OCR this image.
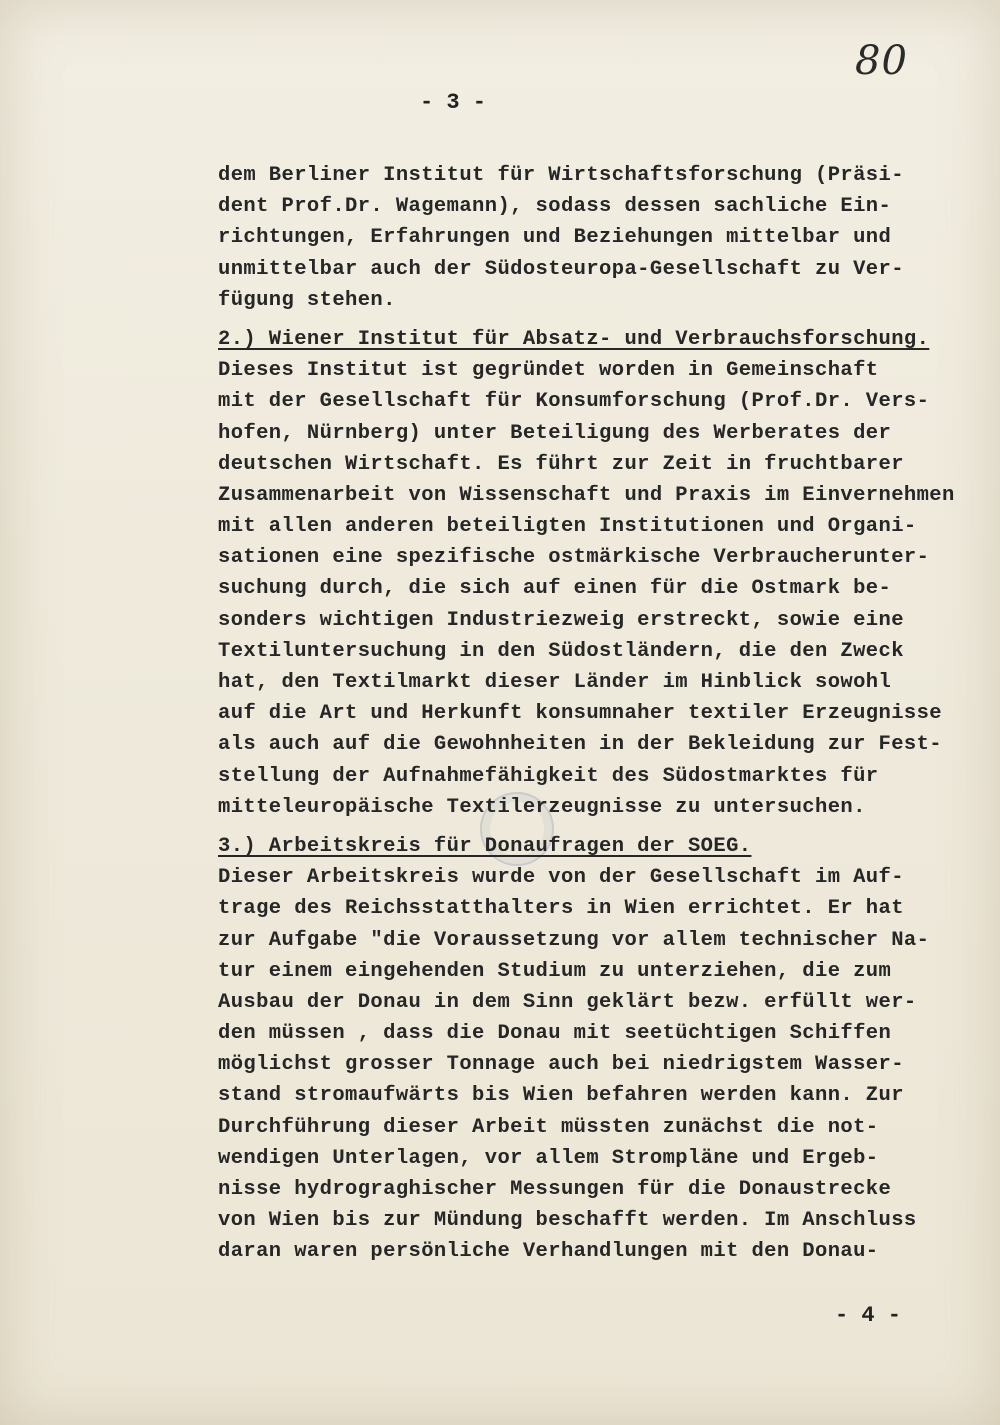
80
- 3 -
dem Berliner Institut für Wirtschaftsforschung (Präsi-
dent Prof.Dr. Wagemann), sodass dessen sachliche Ein-
richtungen, Erfahrungen und Beziehungen mittelbar und
unmittelbar auch der Südosteuropa-Gesellschaft zu Ver-
fügung stehen.
2.) Wiener Institut für Absatz- und Verbrauchsforschung.
Dieses Institut ist gegründet worden in Gemeinschaft
mit der Gesellschaft für Konsumforschung (Prof.Dr. Vers-
hofen, Nürnberg) unter Beteiligung des Werberates der
deutschen Wirtschaft. Es führt zur Zeit in fruchtbarer
Zusammenarbeit von Wissenschaft und Praxis im Einvernehmen
mit allen anderen beteiligten Institutionen und Organi-
sationen eine spezifische ostmärkische Verbraucherunter-
suchung durch, die sich auf einen für die Ostmark be-
sonders wichtigen Industriezweig erstreckt, sowie eine
Textiluntersuchung in den Südostländern, die den Zweck
hat, den Textilmarkt dieser Länder im Hinblick sowohl
auf die Art und Herkunft konsumnaher textiler Erzeugnisse
als auch auf die Gewohnheiten in der Bekleidung zur Fest-
stellung der Aufnahmefähigkeit des Südostmarktes für
mitteleuropäische Textilerzeugnisse zu untersuchen.
3.) Arbeitskreis für Donaufragen der SOEG.
Dieser Arbeitskreis wurde von der Gesellschaft im Auf-
trage des Reichsstatthalters in Wien errichtet. Er hat
zur Aufgabe "die Voraussetzung vor allem technischer Na-
tur einem eingehenden Studium zu unterziehen, die zum
Ausbau der Donau in dem Sinn geklärt bezw. erfüllt wer-
den müssen , dass die Donau mit seetüchtigen Schiffen
möglichst grosser Tonnage auch bei niedrigstem Wasser-
stand stromaufwärts bis Wien befahren werden kann. Zur
Durchführung dieser Arbeit müssten zunächst die not-
wendigen Unterlagen, vor allem Strompläne und Ergeb-
nisse hydrograghischer Messungen für die Donaustrecke
von Wien bis zur Mündung beschafft werden. Im Anschluss
daran waren persönliche Verhandlungen mit den Donau-
- 4 -
